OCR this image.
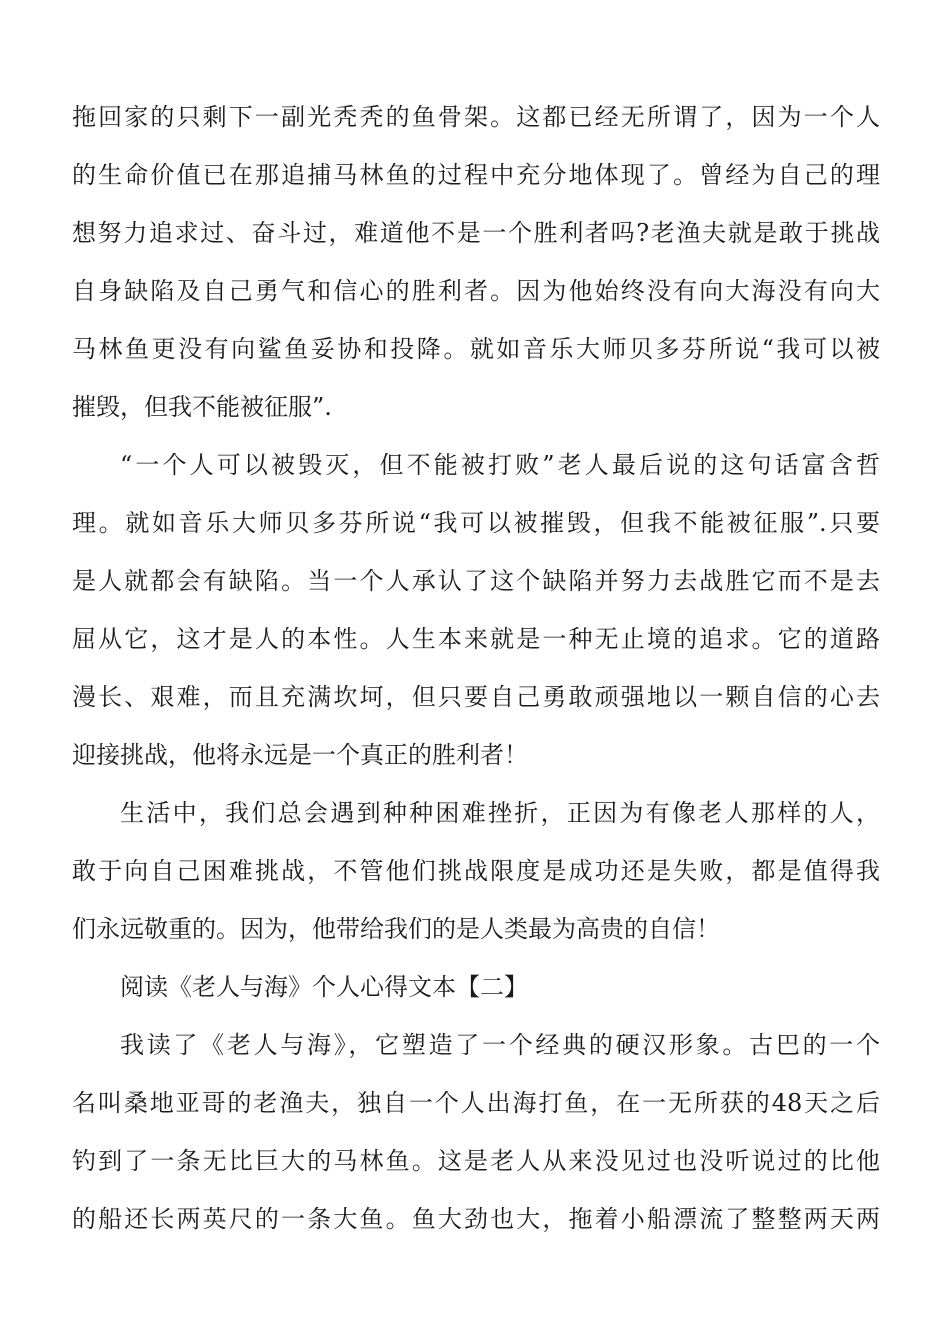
拖回家的只剩下一副光秃秃的鱼骨架。这都已经无所谓了，因为一个人
的生命价值已在那追捕马林鱼的过程中充分地体现了。曾经为自己的理
想努力追求过、奋斗过，难道他不是一个胜利者吗?老渔夫就是敢于挑战
自身缺陷及自己勇气和信心的胜利者。因为他始终没有向大海没有向大
马林鱼更没有向鲨鱼妥协和投降。就如音乐大师贝多芬所说“我可以被
摧毁，但我不能被征服”.
“一个人可以被毁灭，但不能被打败”老人最后说的这句话富含哲
理。就如音乐大师贝多芬所说“我可以被摧毁，但我不能被征服”.只要
是人就都会有缺陷。当一个人承认了这个缺陷并努力去战胜它而不是去
屈从它，这才是人的本性。人生本来就是一种无止境的追求。它的道路
漫长、艰难，而且充满坎坷，但只要自己勇敢顽强地以一颗自信的心去
迎接挑战，他将永远是一个真正的胜利者！
生活中，我们总会遇到种种困难挫折，正因为有像老人那样的人，
敢于向自己困难挑战，不管他们挑战限度是成功还是失败，都是值得我
们永远敬重的。因为，他带给我们的是人类最为高贵的自信！
阅读《老人与海》个人心得文本【二】
我读了《老人与海》，它塑造了一个经典的硬汉形象。古巴的一个
名叫桑地亚哥的老渔夫，独自一个人出海打鱼，在一无所获的48天之后
钓到了一条无比巨大的马林鱼。这是老人从来没见过也没听说过的比他
的船还长两英尺的一条大鱼。鱼大劲也大，拖着小船漂流了整整两天两
